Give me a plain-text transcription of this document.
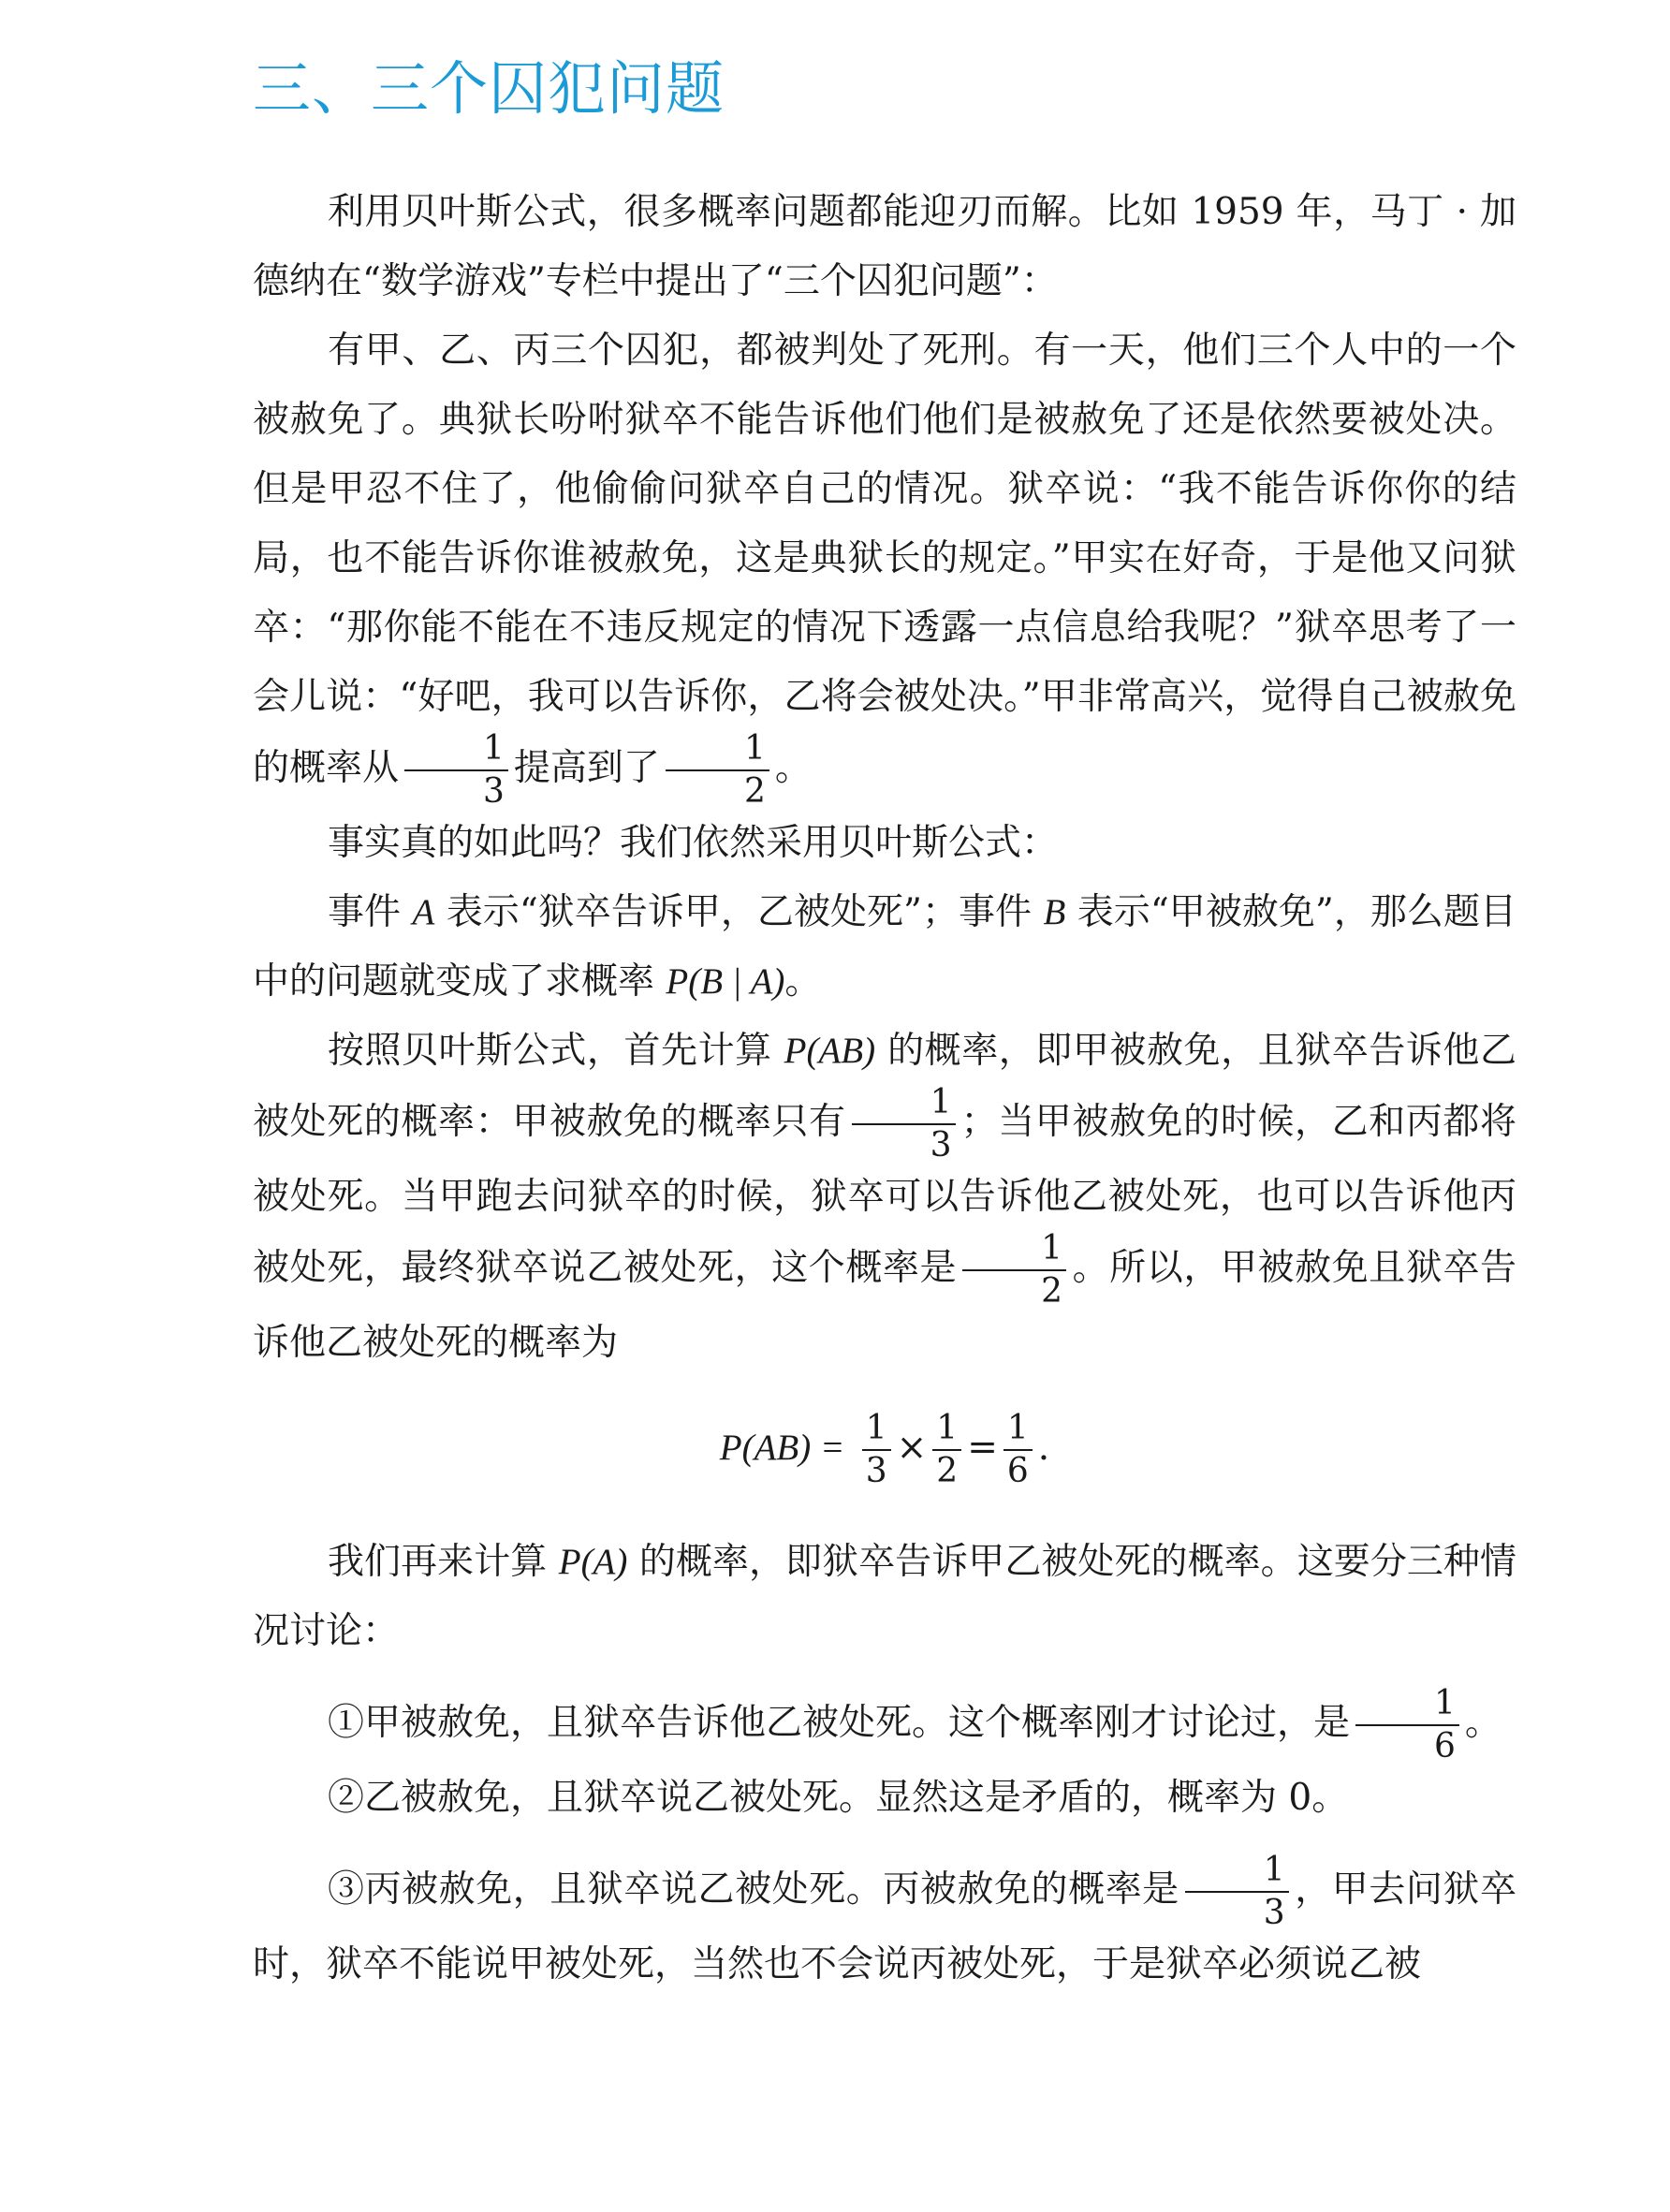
三、三个囚犯问题

利用贝叶斯公式，很多概率问题都能迎刃而解。比如 1959 年，马丁 · 加德纳在“数学游戏”专栏中提出了“三个囚犯问题”：

有甲、乙、丙三个囚犯，都被判处了死刑。有一天，他们三个人中的一个被赦免了。典狱长吩咐狱卒不能告诉他们他们是被赦免了还是依然要被处决。但是甲忍不住了，他偷偷问狱卒自己的情况。狱卒说：“我不能告诉你你的结局，也不能告诉你谁被赦免，这是典狱长的规定。”甲实在好奇，于是他又问狱卒：“那你能不能在不违反规定的情况下透露一点信息给我呢？”狱卒思考了一会儿说：“好吧，我可以告诉你，乙将会被处决。”甲非常高兴，觉得自己被赦免的概率从 $\frac{1}{3}$ 提高到了 $\frac{1}{2}$ 。

事实真的如此吗？我们依然采用贝叶斯公式：

事件 A 表示“狱卒告诉甲，乙被处死”；事件 B 表示“甲被赦免”，那么题目中的问题就变成了求概率 P(B | A)。

按照贝叶斯公式，首先计算 P(AB) 的概率，即甲被赦免，且狱卒告诉他乙被处死的概率：甲被赦免的概率只有 $\frac{1}{3}$ ；当甲被赦免的时候，乙和丙都将被处死。当甲跑去问狱卒的时候，狱卒可以告诉他乙被处死，也可以告诉他丙被处死，最终狱卒说乙被处死，这个概率是 $\frac{1}{2}$ 。所以，甲被赦免且狱卒告诉他乙被处死的概率为

$P(AB) = \frac{1}{3} \times \frac{1}{2} = \frac{1}{6}$ .

我们再来计算 P(A) 的概率，即狱卒告诉甲乙被处死的概率。这要分三种情况讨论：

①甲被赦免，且狱卒告诉他乙被处死。这个概率刚才讨论过，是 $\frac{1}{6}$ 。

②乙被赦免，且狱卒说乙被处死。显然这是矛盾的，概率为 0。

③丙被赦免，且狱卒说乙被处死。丙被赦免的概率是 $\frac{1}{3}$ ，甲去问狱卒时，狱卒不能说甲被处死，当然也不会说丙被处死，于是狱卒必须说乙被
